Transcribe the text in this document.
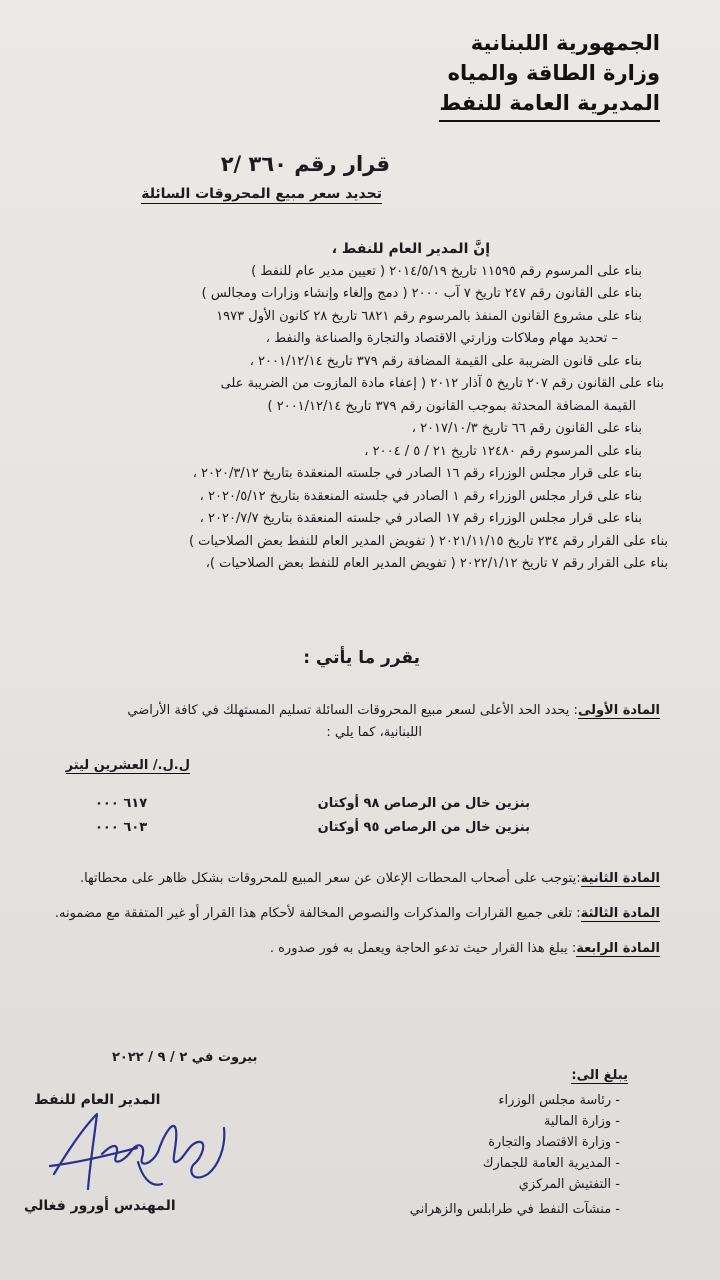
الجمهورية اللبنانية
وزارة الطاقة والمياه
المديرية العامة للنفط
قرار رقم ٣٦٠ /٢
تحديد سعر مبيع المحروقات السائلة
إنَّ المدير العام للنفط ،
بناء على المرسوم رقم ١١٥٩٥ تاريخ ٢٠١٤/٥/١٩ ( تعيين مدير عام للنفط )
بناء على القانون رقم ٢٤٧ تاريخ ٧ آب ٢٠٠٠ ( دمج وإلغاء وإنشاء وزارات ومجالس )
بناء على مشروع القانون المنفذ بالمرسوم رقم ٦٨٢١ تاريخ ٢٨ كانون الأول ١٩٧٣
– تحديد مهام وملاكات وزارتي الاقتصاد والتجارة والصناعة والنفط ،
بناء على قانون الضريبة على القيمة المضافة رقم ٣٧٩ تاريخ ٢٠٠١/١٢/١٤ ،
بناء على القانون رقم ٢٠٧ تاريخ ٥ آذار ٢٠١٢ ( إعفاء مادة المازوت من الضريبة على
القيمة المضافة المحدثة بموجب القانون رقم ٣٧٩ تاريخ ٢٠٠١/١٢/١٤ )
بناء على القانون رقم ٦٦ تاريخ ٢٠١٧/١٠/٣ ،
بناء على المرسوم رقم ١٢٤٨٠ تاريخ ٢١ / ٥ / ٢٠٠٤ ،
بناء على قرار مجلس الوزراء رقم ١٦ الصادر في جلسته المنعقدة بتاريخ ٢٠٢٠/٣/١٢ ،
بناء على قرار مجلس الوزراء رقم ١ الصادر في جلسته المنعقدة بتاريخ ٢٠٢٠/٥/١٢ ،
بناء على قرار مجلس الوزراء رقم ١٧ الصادر في جلسته المنعقدة بتاريخ ٢٠٢٠/٧/٧ ،
بناء على القرار رقم ٢٣٤ تاريخ ٢٠٢١/١١/١٥ ( تفويض المدير العام للنفط بعض الصلاحيات )
بناء على القرار رقم ٧ تاريخ ٢٠٢٢/١/١٢ ( تفويض المدير العام للنفط بعض الصلاحيات )،
يقرر ما يأتي :
المادة الأولى: يحدد الحد الأعلى لسعر مبيع المحروقات السائلة تسليم المستهلك في كافة الأراضي
اللبنانية، كما يلي :
ل.ل./ العشرين ليتر
بنزين خال من الرصاص ٩٨ أوكتان
بنزين خال من الرصاص ٩٥ أوكتان
٦١٧ ٠٠٠
٦٠٣ ٠٠٠
المادة الثانية:يتوجب على أصحاب المحطات الإعلان عن سعر المبيع للمحروقات بشكل ظاهر على محطاتها.
المادة الثالثة: تلغى جميع القرارات والمذكرات والنصوص المخالفة لأحكام هذا القرار أو غير المتفقة مع مضمونه.
المادة الرابعة: يبلغ هذا القرار حيث تدعو الحاجة ويعمل به فور صدوره .
بيروت في ٢ / ٩ / ٢٠٢٢
المدير العام للنفط
المهندس أورور فغالي
يبلغ الى:
- رئاسة مجلس الوزراء
- وزارة المالية
- وزارة الاقتصاد والتجارة
- المديرية العامة للجمارك
- التفتيش المركزي
- منشآت النفط في طرابلس والزهراني
